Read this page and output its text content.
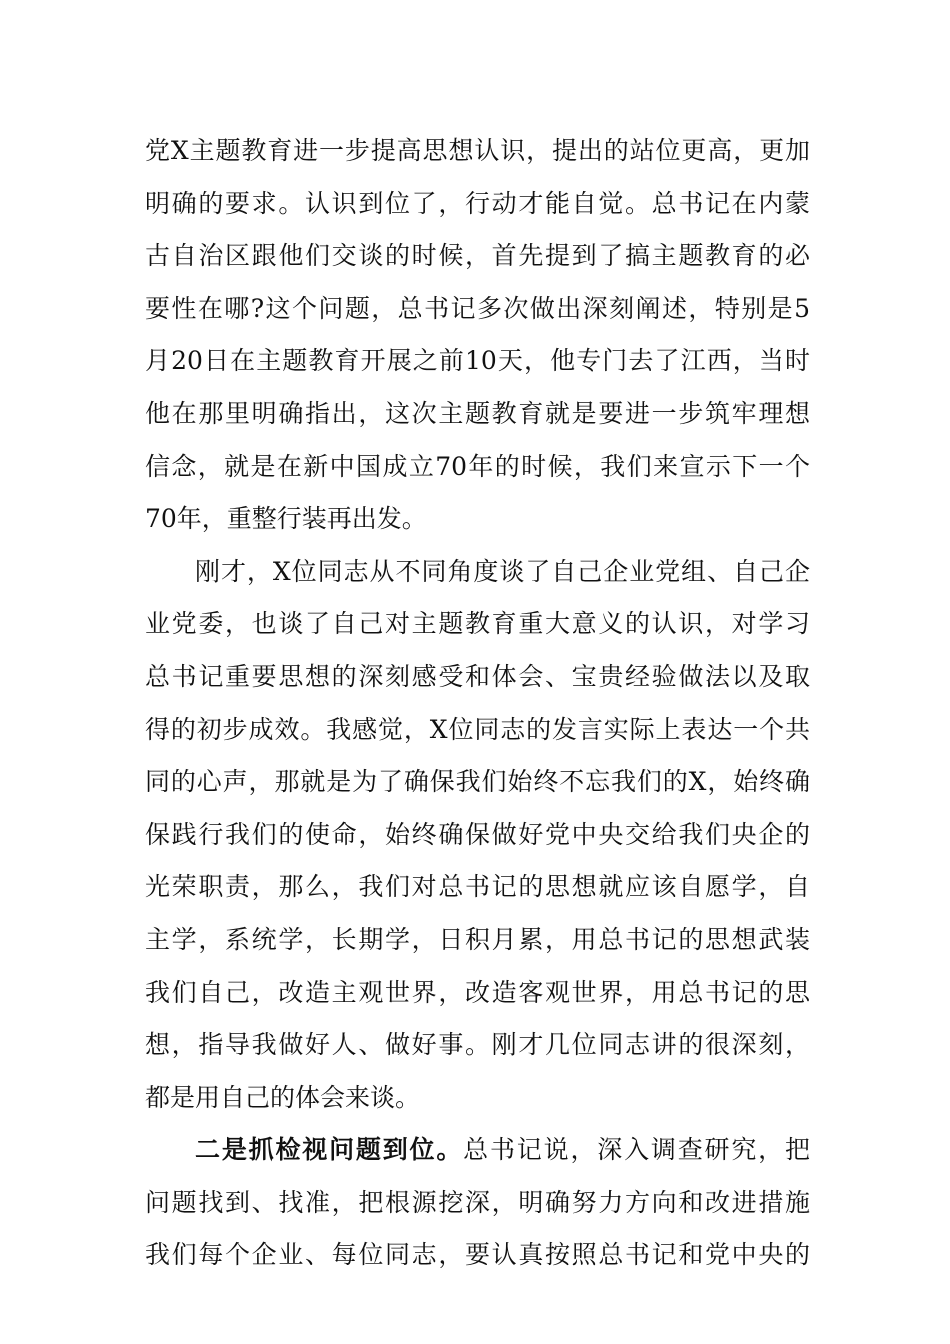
党X主题教育进一步提高思想认识，提出的站位更高，更加
明确的要求。认识到位了，行动才能自觉。总书记在内蒙
古自治区跟他们交谈的时候，首先提到了搞主题教育的必
要性在哪?这个问题，总书记多次做出深刻阐述，特别是5
月20日在主题教育开展之前10天，他专门去了江西，当时
他在那里明确指出，这次主题教育就是要进一步筑牢理想
信念，就是在新中国成立70年的时候，我们来宣示下一个
70年，重整行装再出发。
刚才，X位同志从不同角度谈了自己企业党组、自己企
业党委，也谈了自己对主题教育重大意义的认识，对学习
总书记重要思想的深刻感受和体会、宝贵经验做法以及取
得的初步成效。我感觉，X位同志的发言实际上表达一个共
同的心声，那就是为了确保我们始终不忘我们的X，始终确
保践行我们的使命，始终确保做好党中央交给我们央企的
光荣职责，那么，我们对总书记的思想就应该自愿学，自
主学，系统学，长期学，日积月累，用总书记的思想武装
我们自己，改造主观世界，改造客观世界，用总书记的思
想，指导我做好人、做好事。刚才几位同志讲的很深刻，
都是用自己的体会来谈。
二是抓检视问题到位。总书记说，深入调查研究，把
问题找到、找准，把根源挖深，明确努力方向和改进措施
我们每个企业、每位同志，要认真按照总书记和党中央的
